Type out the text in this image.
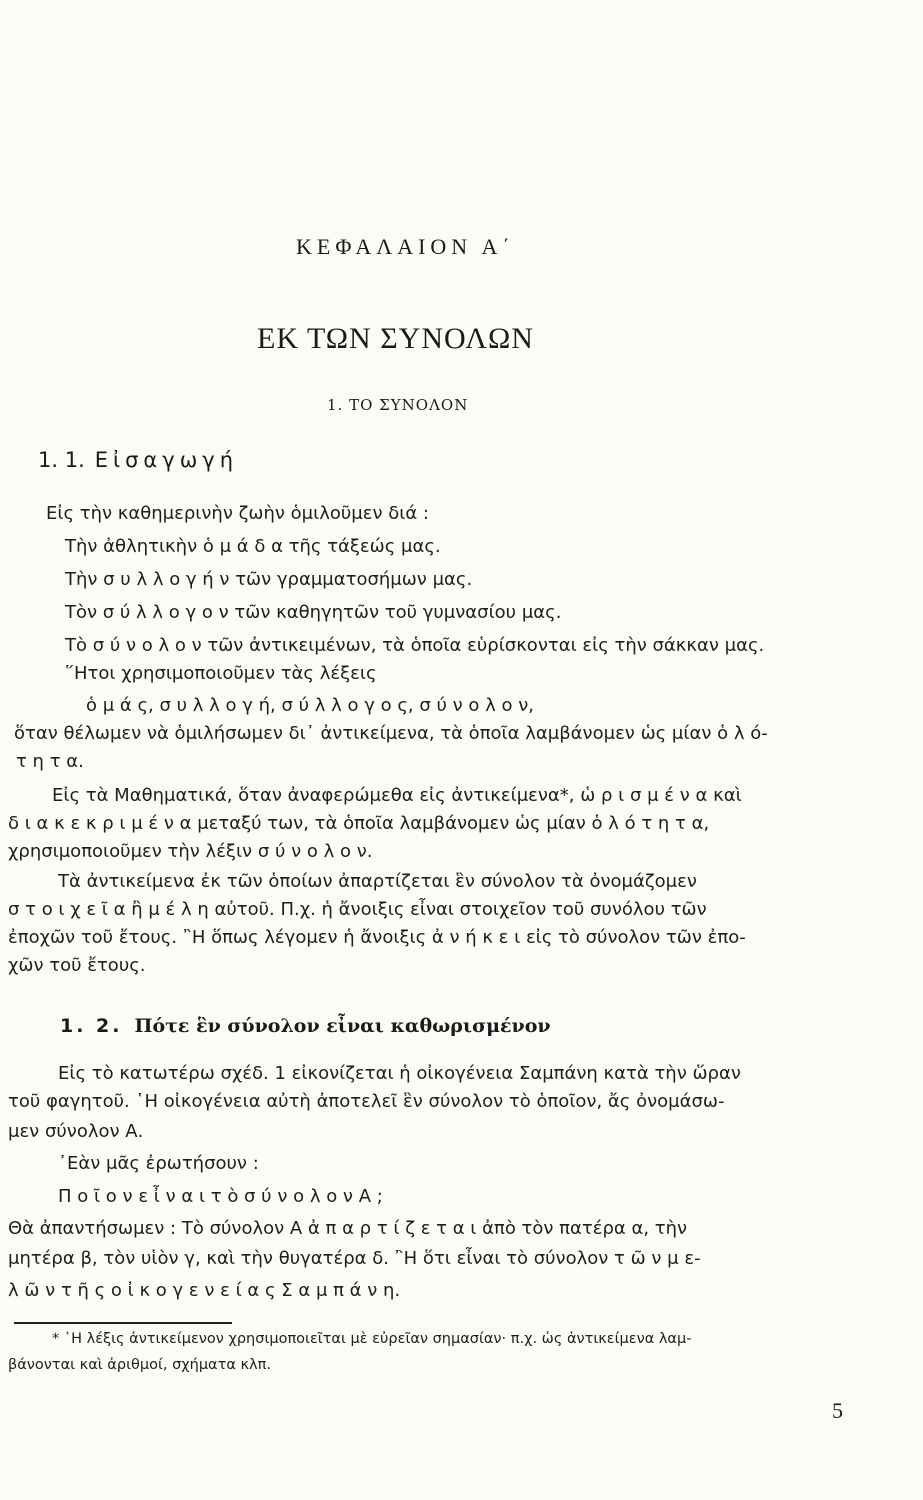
ΚΕΦΑΛΑΙΟΝ Α΄
ΕΚ ΤΩΝ ΣΥΝΟΛΩΝ
1. ΤΟ ΣΥΝΟΛΟΝ
1. 1. Εἰσαγωγή
Εἰς τὴν καθημερινὴν ζωὴν ὁμιλοῦμεν διά :
Τὴν ἀθλητικὴν ὁ μ ά δ α τῆς τάξεώς μας.
Τὴν σ υ λ λ ο γ ή ν τῶν γραμματοσήμων μας.
Τὸν σ ύ λ λ ο γ ο ν τῶν καθηγητῶν τοῦ γυμνασίου μας.
Τὸ σ ύ ν ο λ ο ν τῶν ἀντικειμένων, τὰ ὁποῖα εὑρίσκονται εἰς τὴν σάκκαν μας.
῞Ητοι χρησιμοποιοῦμεν τὰς λέξεις
ὁ μ ά ς, σ υ λ λ ο γ ή, σ ύ λ λ ο γ ο ς, σ ύ ν ο λ ο ν,
ὅταν θέλωμεν νὰ ὁμιλήσωμεν δι᾽ ἀντικείμενα, τὰ ὁποῖα λαμβάνομεν ὡς μίαν ὁ λ ό-
τ η τ α.
Εἰς τὰ Μαθηματικά, ὅταν ἀναφερώμεθα εἰς ἀντικείμενα*, ὡ ρ ι σ μ έ ν α καὶ
δ ι α κ ε κ ρ ι μ έ ν α μεταξύ των, τὰ ὁποῖα λαμβάνομεν ὡς μίαν ὁ λ ό τ η τ α,
χρησιμοποιοῦμεν τὴν λέξιν σ ύ ν ο λ ο ν.
Τὰ ἀντικείμενα ἐκ τῶν ὁποίων ἀπαρτίζεται ἓν σύνολον τὰ ὀνομάζομεν
σ τ ο ι χ ε ῖ α ἢ μ έ λ η αὐτοῦ. Π.χ. ἡ ἄνοιξις εἶναι στοιχεῖον τοῦ συνόλου τῶν
ἐποχῶν τοῦ ἔτους. ῍Η ὅπως λέγομεν ἡ ἄνοιξις ἀ ν ή κ ε ι εἰς τὸ σύνολον τῶν ἐπο-
χῶν τοῦ ἔτους.
1. 2. Πότε ἓν σύνολον εἶναι καθωρισμένον
Εἰς τὸ κατωτέρω σχέδ. 1 εἰκονίζεται ἡ οἰκογένεια Σαμπάνη κατὰ τὴν ὥραν
τοῦ φαγητοῦ. ῾Η οἰκογένεια αὐτὴ ἀποτελεῖ ἓν σύνολον τὸ ὁποῖον, ἄς ὀνομάσω-
μεν σύνολον Α.
᾽Εὰν μᾶς ἐρωτήσουν :
Π ο ῖ ο ν ε ἶ ν α ι τ ὸ σ ύ ν ο λ ο ν Α ;
Θὰ ἀπαντήσωμεν : Τὸ σύνολον Α ἀ π α ρ τ ί ζ ε τ α ι ἀπὸ τὸν πατέρα α, τὴν
μητέρα β, τὸν υἱὸν γ, καὶ τὴν θυγατέρα δ. ῍Η ὅτι εἶναι τὸ σύνολον τ ῶ ν μ ε-
λ ῶ ν τ ῆ ς ο ἰ κ ο γ ε ν ε ί α ς Σ α μ π ά ν η.
* ῾Η λέξις ἀντικείμενον χρησιμοποιεῖται μὲ εὐρεῖαν σημασίαν· π.χ. ὡς ἀντικείμενα λαμ-
βάνονται καὶ ἀριθμοί, σχήματα κλπ.
5
